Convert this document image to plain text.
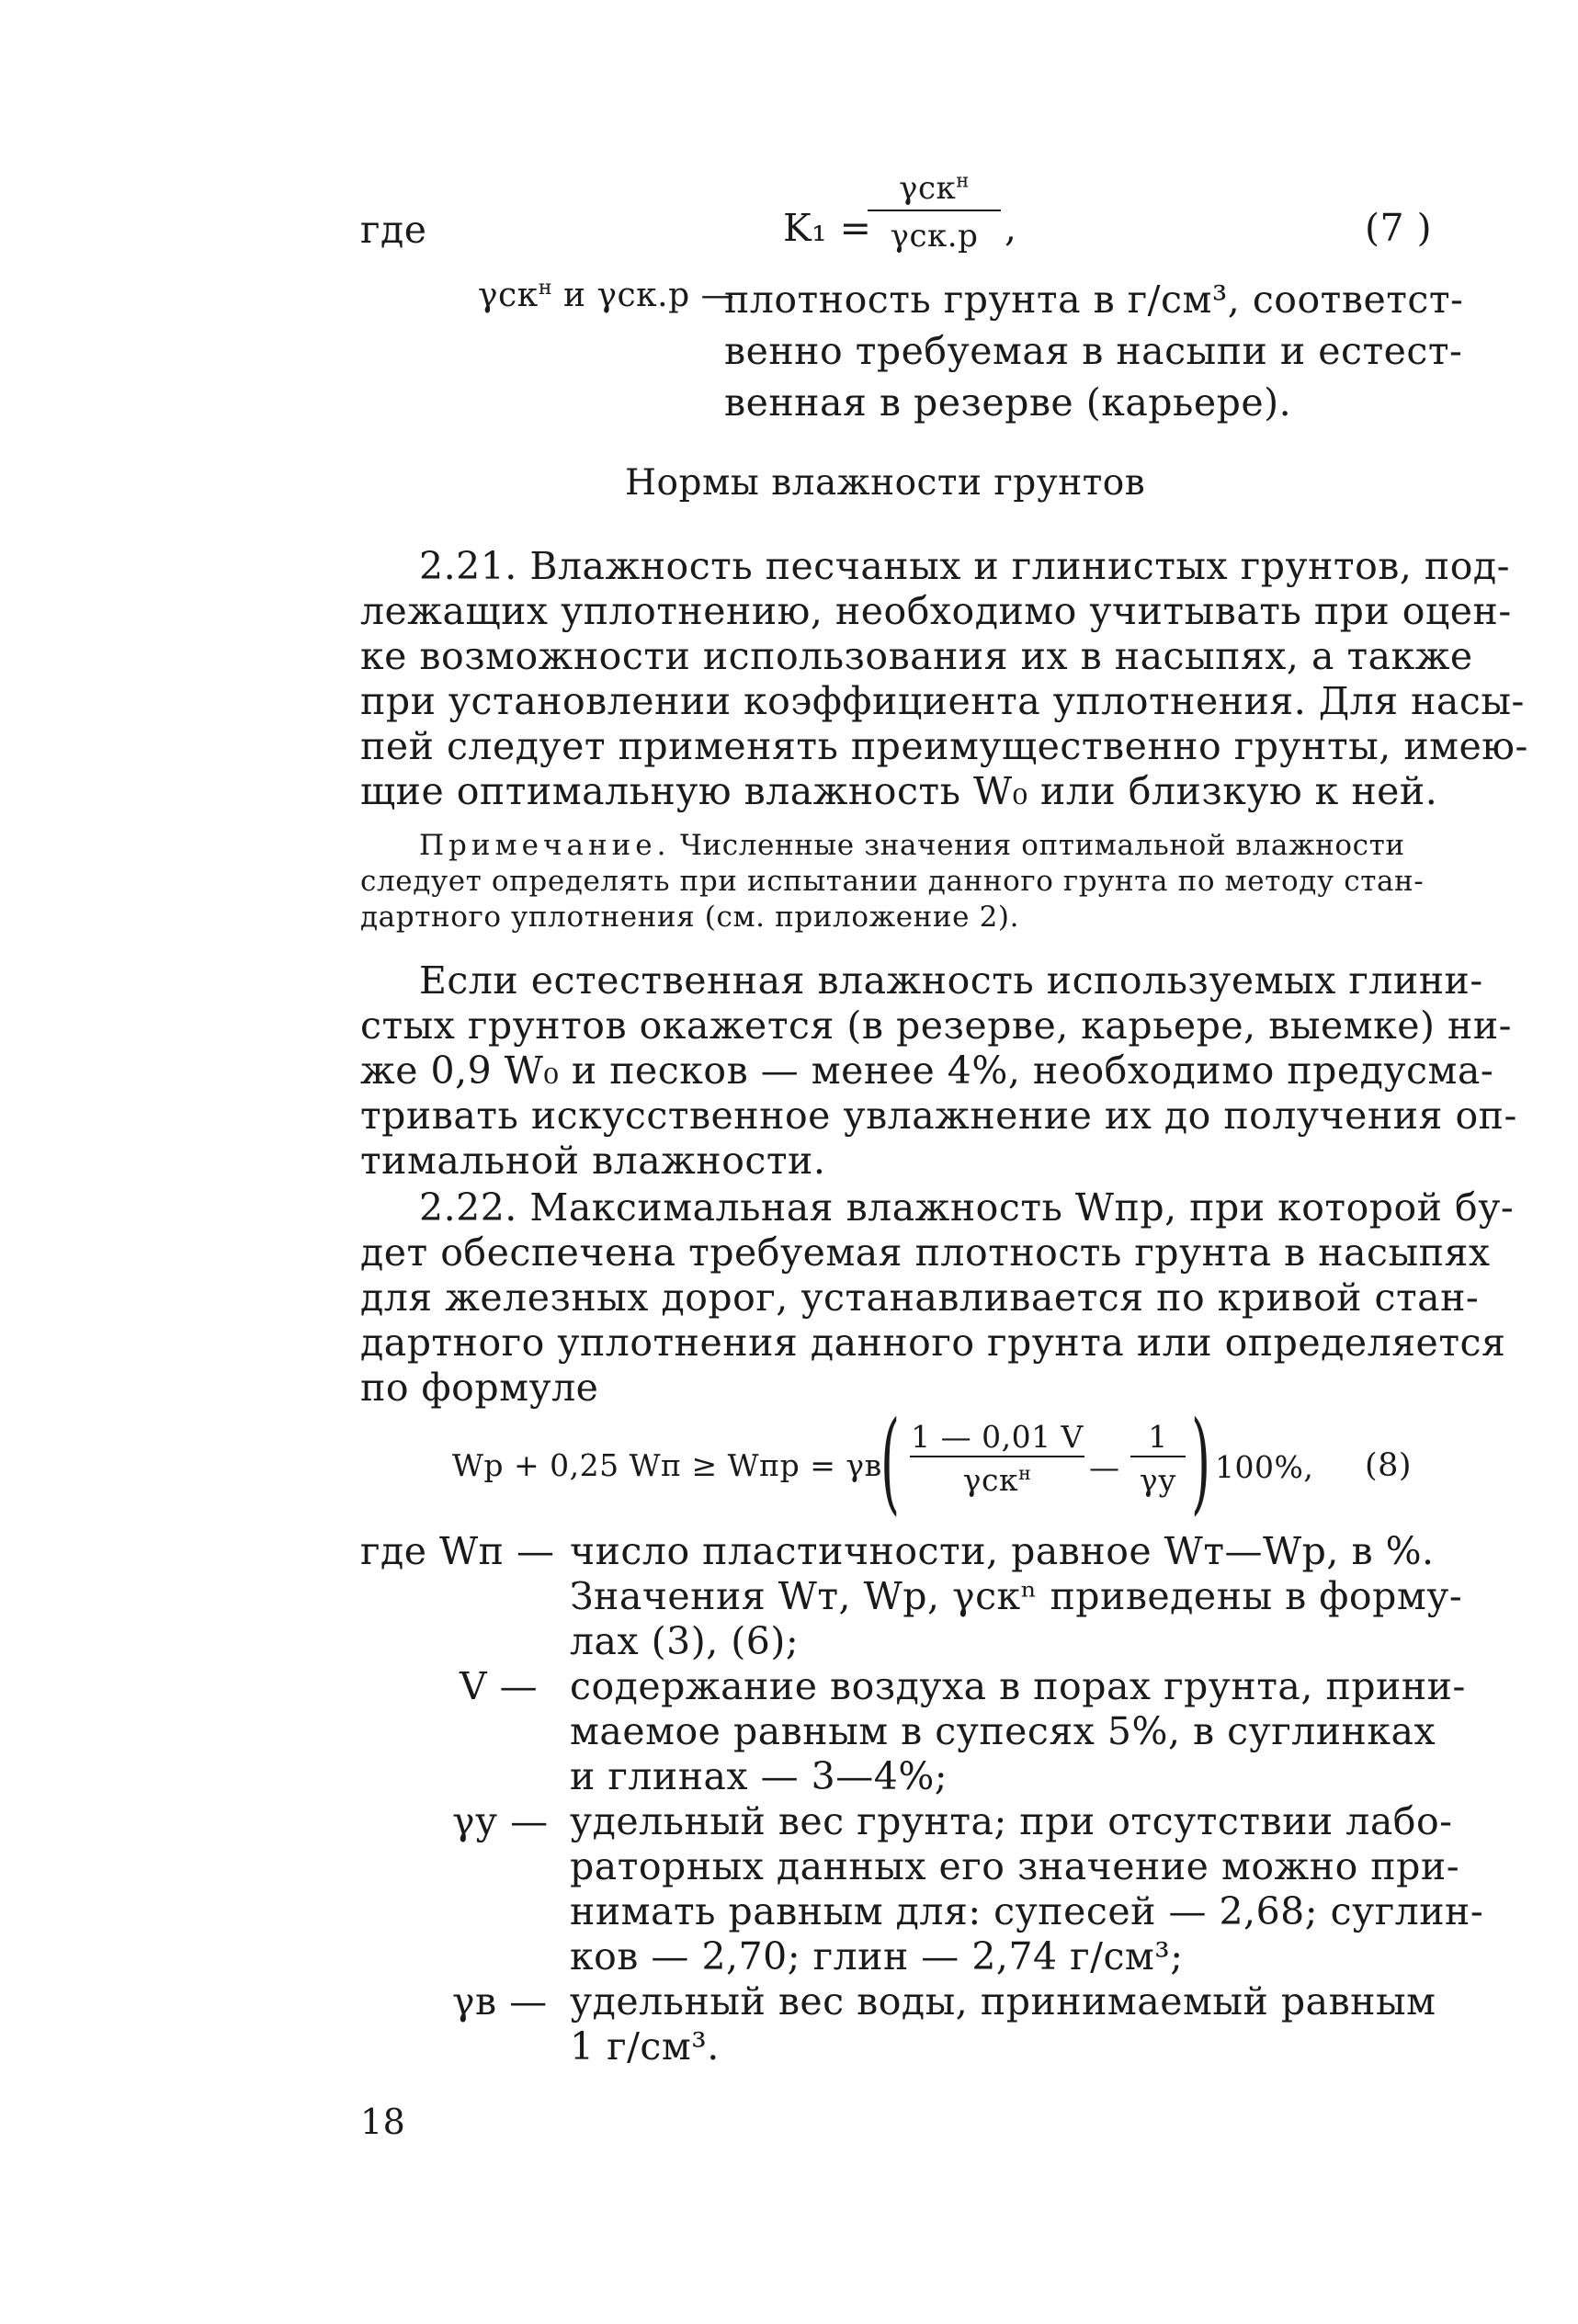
где	K₁ =
γск$^н$
γск.р ,	(7 )
γск$^н$ и γск.р —
плотность грунта в г/см³, соответст-
венно требуемая в насыпи и естест-
венная в резерве (карьере).
Нормы влажности грунтов
2.21. Влажность песчаных и глинистых грунтов, под-
лежащих уплотнению, необходимо учитывать при оцен-
ке возможности использования их в насыпях, а также
при установлении коэффициента уплотнения. Для насы-
пей следует применять преимущественно грунты, имею-
щие оптимальную влажность W₀ или близкую к ней.
Примечание. Численные значения оптимальной влажности
следует определять при испытании данного грунта по методу стан-
дартного уплотнения (см. приложение 2).
Если естественная влажность используемых глини-
стых грунтов окажется (в резерве, карьере, выемке) ни-
же 0,9 W₀ и песков — менее 4%, необходимо предусма-
тривать искусственное увлажнение их до получения оп-
тимальной влажности.
2.22. Максимальная влажность Wпр, при которой бу-
дет обеспечена требуемая плотность грунта в насыпях
для железных дорог, устанавливается по кривой стан-
дартного уплотнения данного грунта или определяется
по формуле
Wр + 0,25 Wп ≥ Wпр = γв
( 1 — 0,01 V
γск$^н$	—
1
γу ) 100%, (8)
где Wп — число пластичности, равное Wт—Wр, в %.
Значения Wт, Wр, γскⁿ приведены в форму-
лах (3), (6);
V — содержание воздуха в порах грунта, прини-
маемое равным в супесях 5%, в суглинках
и глинах — 3—4%;
γу — удельный вес грунта; при отсутствии лабо-
раторных данных его значение можно при-
нимать равным для: супесей — 2,68; суглин-
ков — 2,70; глин — 2,74 г/см³;
γв — удельный вес воды, принимаемый равным
1 г/см³.
18
